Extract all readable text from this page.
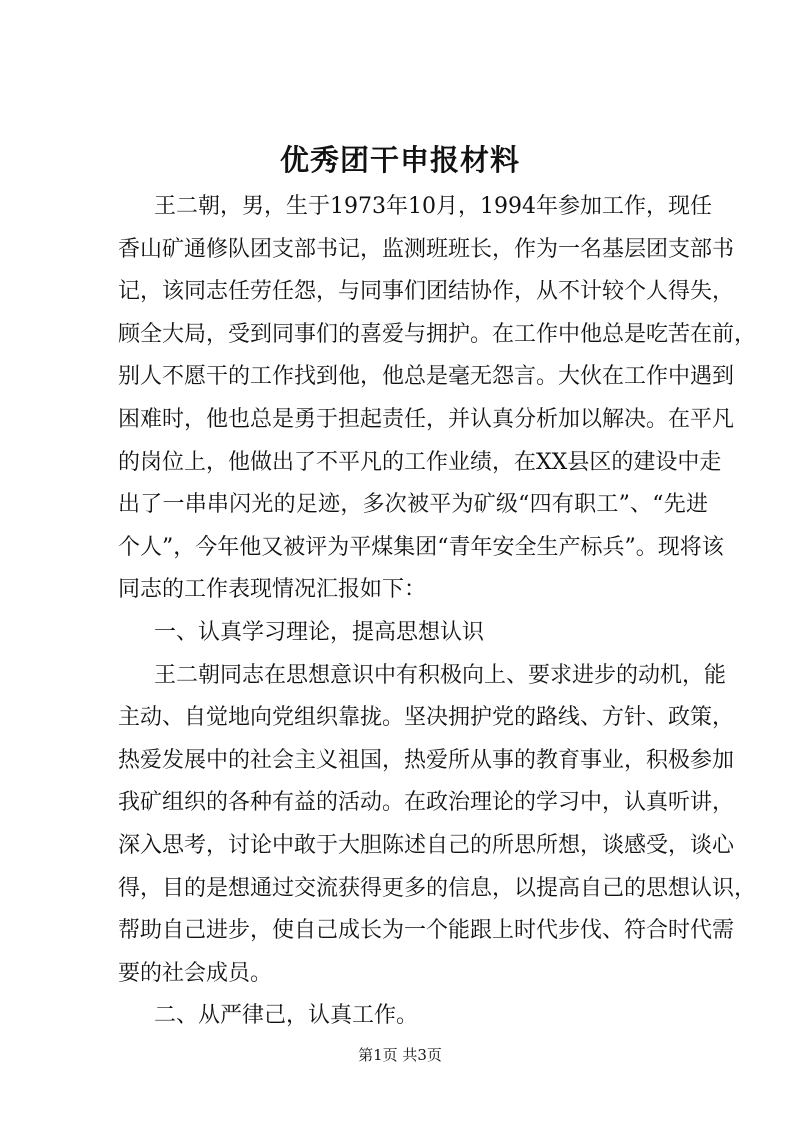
优秀团干申报材料
王二朝，男，生于1973年10月，1994年参加工作，现任
香山矿通修队团支部书记，监测班班长，作为一名基层团支部书
记，该同志任劳任怨，与同事们团结协作，从不计较个人得失，
顾全大局，受到同事们的喜爱与拥护。在工作中他总是吃苦在前，
别人不愿干的工作找到他，他总是毫无怨言。大伙在工作中遇到
困难时，他也总是勇于担起责任，并认真分析加以解决。在平凡
的岗位上，他做出了不平凡的工作业绩，在XX县区的建设中走
出了一串串闪光的足迹，多次被平为矿级“四有职工”、“先进
个人”，今年他又被评为平煤集团“青年安全生产标兵”。现将该
同志的工作表现情况汇报如下：
一、认真学习理论，提高思想认识
王二朝同志在思想意识中有积极向上、要求进步的动机，能
主动、自觉地向党组织靠拢。坚决拥护党的路线、方针、政策，
热爱发展中的社会主义祖国，热爱所从事的教育事业，积极参加
我矿组织的各种有益的活动。在政治理论的学习中，认真听讲，
深入思考，讨论中敢于大胆陈述自己的所思所想，谈感受，谈心
得，目的是想通过交流获得更多的信息，以提高自己的思想认识，
帮助自己进步，使自己成长为一个能跟上时代步伐、符合时代需
要的社会成员。
二、从严律己，认真工作。
第1页 共3页
